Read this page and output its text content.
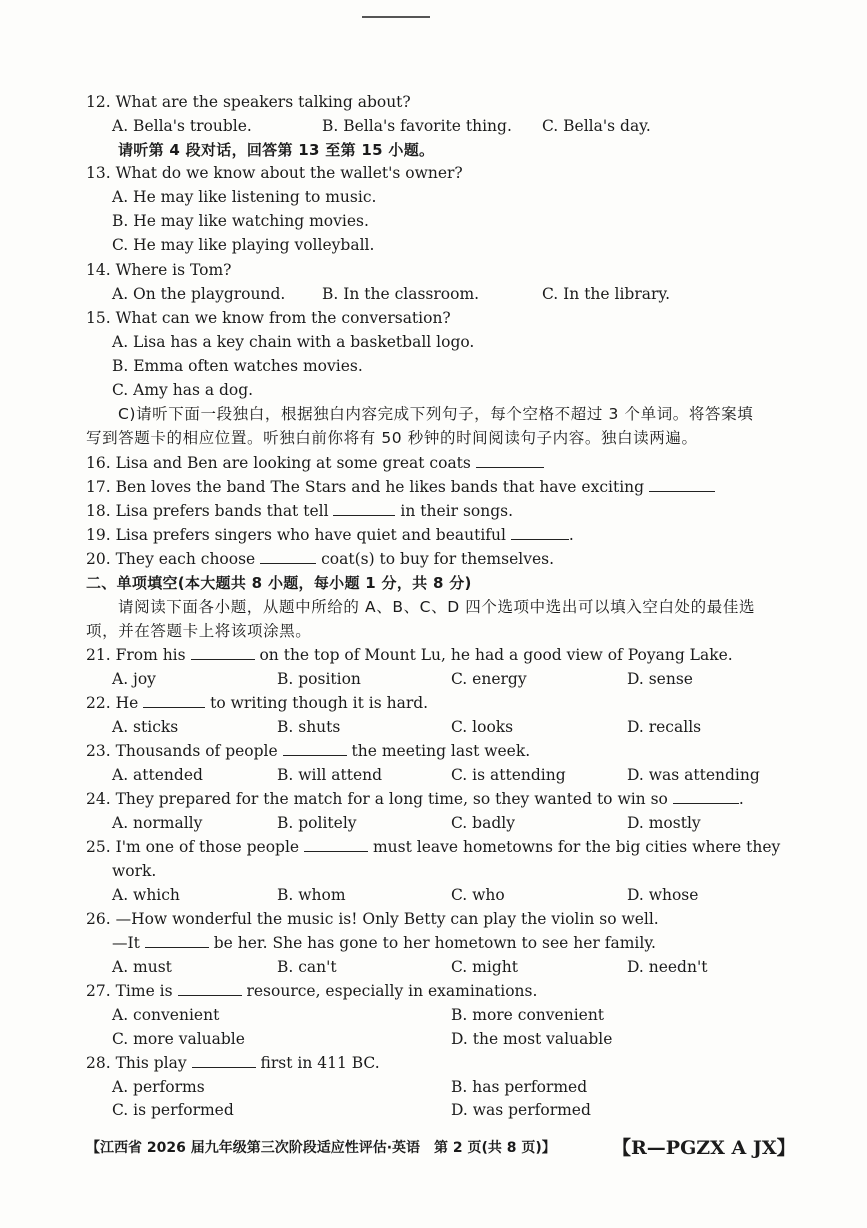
12. What are the speakers talking about?
A. Bella's trouble.	B. Bella's favorite thing. C. Bella's day.
请听第 4 段对话，回答第 13 至第 15 小题。
13. What do we know about the wallet's owner?
A. He may like listening to music.
B. He may like watching movies.
C. He may like playing volleyball.
14. Where is Tom?
A. On the playground. B. In the classroom.	C. In the library.
15. What can we know from the conversation?
A. Lisa has a key chain with a basketball logo.
B. Emma often watches movies.
C. Amy has a dog.
C)请听下面一段独白，根据独白内容完成下列句子，每个空格不超过 3 个单词。将答案填
写到答题卡的相应位置。听独白前你将有 50 秒钟的时间阅读句子内容。独白读两遍。
16. Lisa and Ben are looking at some great coats
17. Ben loves the band The Stars and he likes bands that have exciting
18. Lisa prefers bands that tell	in their songs.
19. Lisa prefers singers who have quiet and beautiful	.
20. They each choose	coat(s) to buy for themselves.
二、单项填空(本大题共 8 小题，每小题 1 分，共 8 分)
请阅读下面各小题，从题中所给的 A、B、C、D 四个选项中选出可以填入空白处的最佳选
项，并在答题卡上将该项涂黑。
21. From his	on the top of Mount Lu, he had a good view of Poyang Lake.
A. joy	B. position	C. energy	D. sense
22. He	to writing though it is hard.
A. sticks	B. shuts	C. looks	D. recalls
23. Thousands of people	the meeting last week.
A. attended	B. will attend	C. is attending	D. was attending
24. They prepared for the match for a long time, so they wanted to win so	.
A. normally	B. politely	C. badly	D. mostly
25. I'm one of those people	must leave hometowns for the big cities where they
work.
A. which	B. whom	C. who	D. whose
26. —How wonderful the music is! Only Betty can play the violin so well.
—It	be her. She has gone to her hometown to see her family.
A. must	B. can't	C. might	D. needn't
27. Time is	resource, especially in examinations.
A. convenient	B. more convenient
C. more valuable	D. the most valuable
28. This play	first in 411 BC.
A. performs	B. has performed
C. is performed	D. was performed
【江西省 2026 届九年级第三次阶段适应性评估·英语　第 2 页(共 8 页)】	【R—PGZX A JX】
